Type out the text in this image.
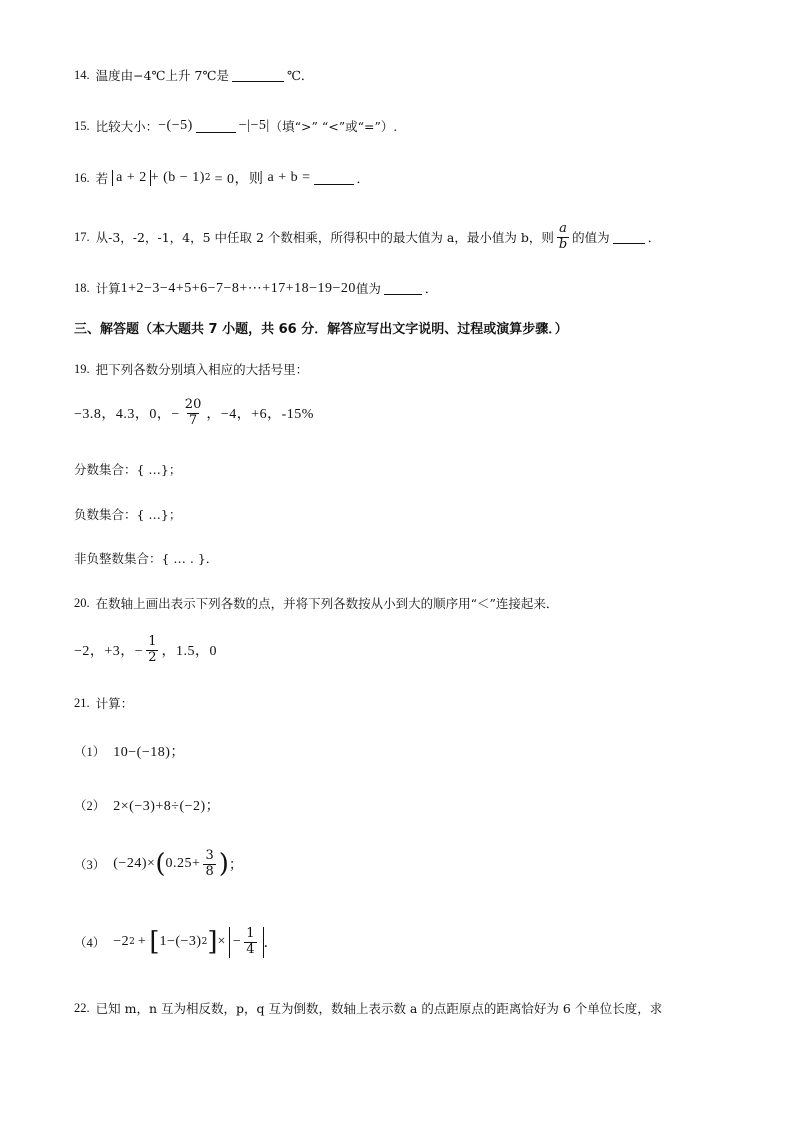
14. 温度由−4℃上升 7℃是	℃．
15. 比较大小： −(−5)	−|−5| （填“>” “<”或“=”）.
16. 若 a + 2 + (b − 1) 2 = 0，则 a + b =	．
17. 从-3，-2，-1，4，5 中任取 2 个数相乘，所得积中的最大值为 a，最小值为 b，则 $\frac{a}{b}$ 的值为	．
18. 计算 1+2−3−4+5+6−7−8+⋯+17+18−19−20 值为	．
三、解答题（本大题共 7 小题，共 66 分．解答应写出文字说明、过程或演算步骤．）
19. 把下列各数分别填入相应的大括号里：
−3.8，4.3，0，− $\frac{20}{7}$ ，−4，+6，-15%
分数集合：{ …}；
负数集合：{ …}；
非负整数集合：{ … . }．
20. 在数轴上画出表示下列各数的点，并将下列各数按从小到大的顺序用“＜”连接起来．
−2，+3，− $\frac{1}{2}$ ，1.5，0
21. 计算：
（1） 10−(−18)；
（2） 2×(−3)+8÷(−2)；
（3） (−24)× ( $0.25+ \frac{3}{8}$ ) ；
（4） −2 2 + [ 1−(−3) 2 ] × − $\frac{1}{4}$ ．
22. 已知 m，n 互为相反数，p，q 互为倒数，数轴上表示数 a 的点距原点的距离恰好为 6 个单位长度，求
